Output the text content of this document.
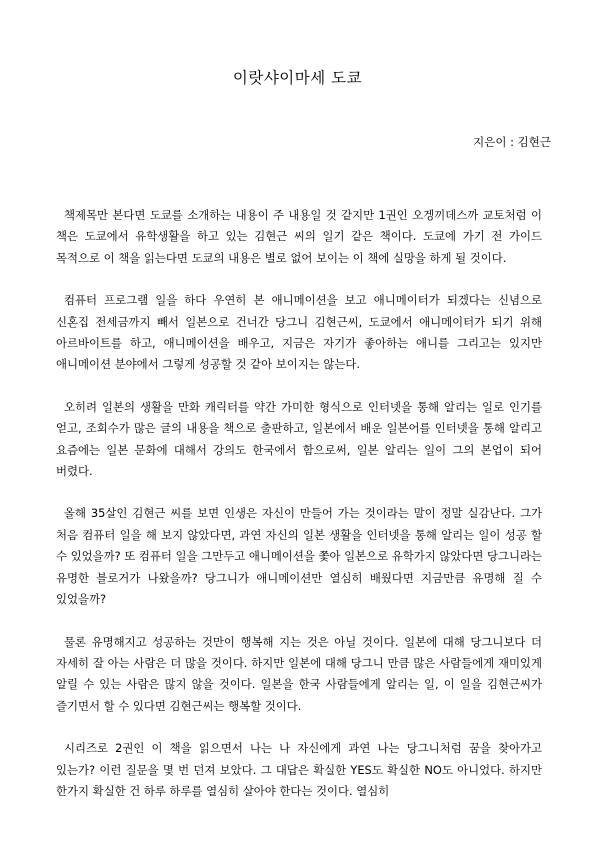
이랏샤이마세 도쿄

지은이 : 김현근

책제목만 본다면 도쿄를 소개하는 내용이 주 내용일 것 같지만 1권인 오겡끼데스까 교토처럼 이 책은 도쿄에서 유학생활을 하고 있는 김현근 씨의 일기 같은 책이다. 도쿄에 가기 전 가이드 목적으로 이 책을 읽는다면 도쿄의 내용은 별로 없어 보이는 이 책에 실망을 하게 될 것이다.

컴퓨터 프로그램 일을 하다 우연히 본 애니메이션을 보고 애니메이터가 되겠다는 신념으로 신혼집 전세금까지 빼서 일본으로 건너간 당그니 김현근씨, 도쿄에서 애니메이터가 되기 위해 아르바이트를 하고, 애니메이션을 배우고, 지금은 자기가 좋아하는 애니를 그리고는 있지만 애니메이션 분야에서 그렇게 성공할 것 같아 보이지는 않는다.

오히려 일본의 생활을 만화 캐릭터를 약간 가미한 형식으로 인터넷을 통해 알리는 일로 인기를 얻고, 조회수가 많은 글의 내용을 책으로 출판하고, 일본에서 배운 일본어를 인터넷을 통해 알리고 요즘에는 일본 문화에 대해서 강의도 한국에서 함으로써, 일본 알리는 일이 그의 본업이 되어 버렸다.

올해 35살인 김현근 씨를 보면 인생은 자신이 만들어 가는 것이라는 말이 정말 실감난다. 그가 처음 컴퓨터 일을 해 보지 않았다면, 과연 자신의 일본 생활을 인터넷을 통해 알리는 일이 성공 할 수 있었을까? 또 컴퓨터 일을 그만두고 애니메이션을 쫓아 일본으로 유학가지 않았다면 당그니라는 유명한 블로거가 나왔을까? 당그니가 애니메이션만 열심히 배웠다면 지금만큼 유명해 질 수 있었을까?

물론 유명해지고 성공하는 것만이 행복해 지는 것은 아닐 것이다. 일본에 대해 당그니보다 더 자세히 잘 아는 사람은 더 많을 것이다. 하지만 일본에 대해 당그니 만큼 많은 사람들에게 재미있게 알릴 수 있는 사람은 많지 않을 것이다. 일본을 한국 사람들에게 알리는 일, 이 일을 김현근씨가 즐기면서 할 수 있다면 김현근씨는 행복할 것이다.

시리즈로 2권인 이 책을 읽으면서 나는 나 자신에게 과연 나는 당그니처럼 꿈을 찾아가고 있는가? 이런 질문을 몇 번 던져 보았다. 그 대답은 확실한 YES도 확실한 NO도 아니었다. 하지만 한가지 확실한 건 하루 하루를 열심히 살아야 한다는 것이다. 열심히
